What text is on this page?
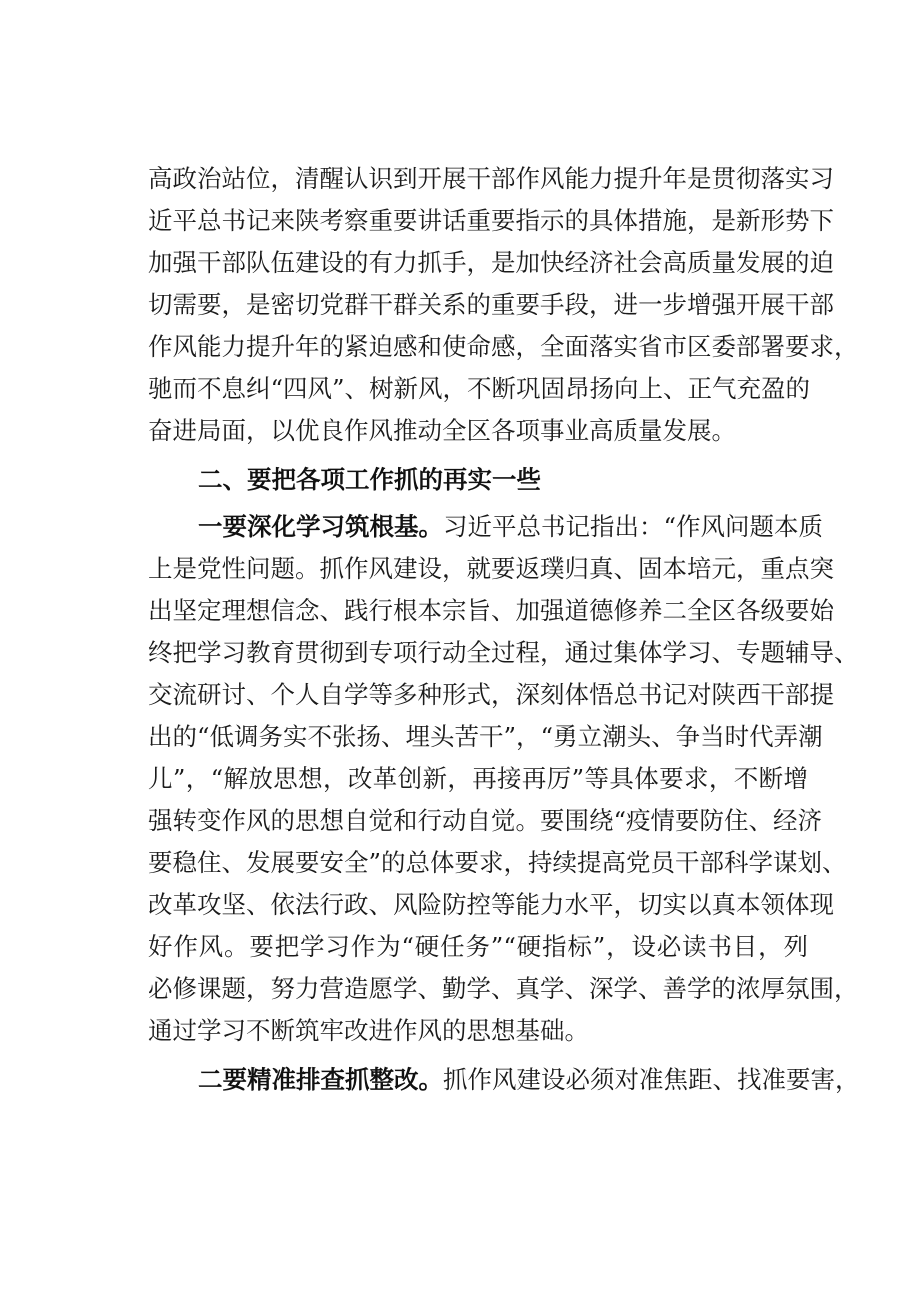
高政治站位，清醒认识到开展干部作风能力提升年是贯彻落实习
近平总书记来陕考察重要讲话重要指示的具体措施，是新形势下
加强干部队伍建设的有力抓手，是加快经济社会高质量发展的迫
切需要，是密切党群干群关系的重要手段，进一步增强开展干部
作风能力提升年的紧迫感和使命感，全面落实省市区委部署要求，
驰而不息纠“四风”、树新风，不断巩固昂扬向上、正气充盈的
奋进局面，以优良作风推动全区各项事业高质量发展。
二、要把各项工作抓的再实一些
一要深化学习筑根基。习近平总书记指出：“作风问题本质
上是党性问题。抓作风建设，就要返璞归真、固本培元，重点突
出坚定理想信念、践行根本宗旨、加强道德修养二全区各级要始
终把学习教育贯彻到专项行动全过程，通过集体学习、专题辅导、
交流研讨、个人自学等多种形式，深刻体悟总书记对陕西干部提
出的“低调务实不张扬、埋头苦干”，“勇立潮头、争当时代弄潮
儿”，“解放思想，改革创新，再接再厉”等具体要求，不断增
强转变作风的思想自觉和行动自觉。要围绕“疫情要防住、经济
要稳住、发展要安全”的总体要求，持续提高党员干部科学谋划、
改革攻坚、依法行政、风险防控等能力水平，切实以真本领体现
好作风。要把学习作为“硬任务”“硬指标”，设必读书目，列
必修课题，努力营造愿学、勤学、真学、深学、善学的浓厚氛围，
通过学习不断筑牢改进作风的思想基础。
二要精准排查抓整改。抓作风建设必须对准焦距、找准要害，
